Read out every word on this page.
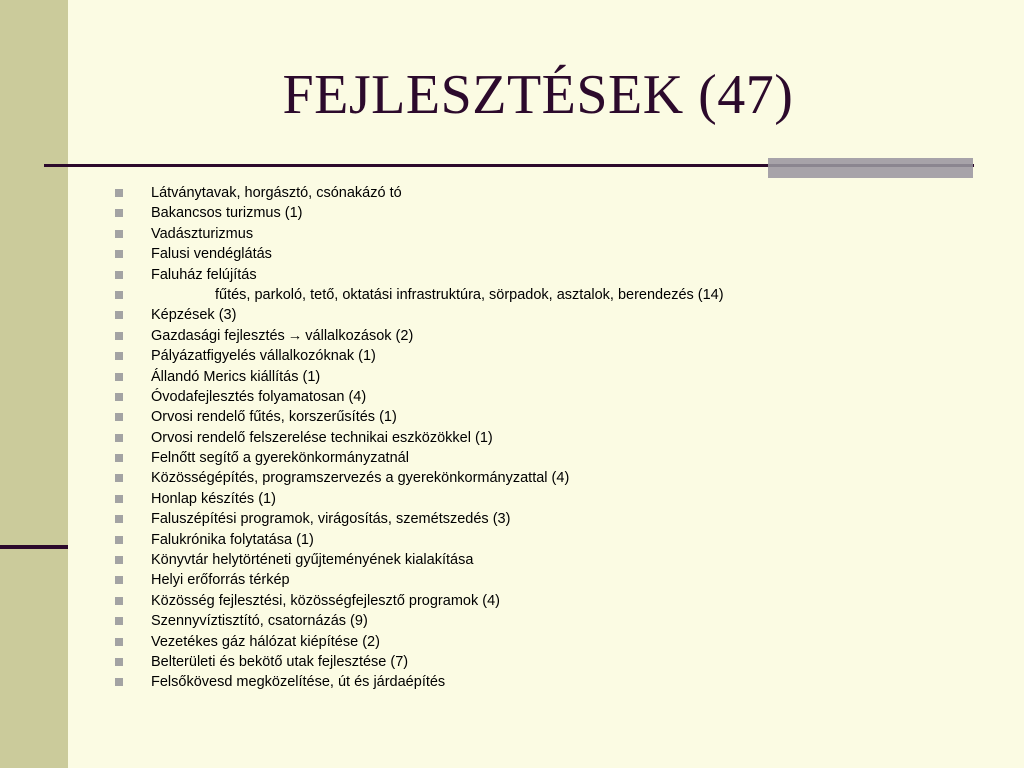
FEJLESZTÉSEK (47)
Látványtavak, horgásztó, csónakázó tó
Bakancsos turizmus (1)
Vadászturizmus
Falusi vendéglátás
Faluház felújítás
fűtés, parkoló, tető, oktatási infrastruktúra, sörpadok, asztalok, berendezés (14)
Képzések (3)
Gazdasági fejlesztés → vállalkozások (2)
Pályázatfigyelés vállalkozóknak (1)
Állandó Merics kiállítás (1)
Óvodafejlesztés folyamatosan (4)
Orvosi rendelő fűtés, korszerűsítés (1)
Orvosi rendelő felszerelése technikai eszközökkel (1)
Felnőtt segítő a gyerekönkormányzatnál
Közösségépítés, programszervezés a gyerekönkormányzattal (4)
Honlap készítés (1)
Faluszépítési programok, virágosítás, szemétszedés (3)
Falukrónika folytatása (1)
Könyvtár helytörténeti gyűjteményének kialakítása
Helyi erőforrás térkép
Közösség fejlesztési, közösségfejlesztő programok (4)
Szennyvíztisztító, csatornázás (9)
Vezetékes gáz hálózat kiépítése (2)
Belterületi és bekötő utak fejlesztése (7)
Felsőkövesd megközelítése, út és járdaépítés
